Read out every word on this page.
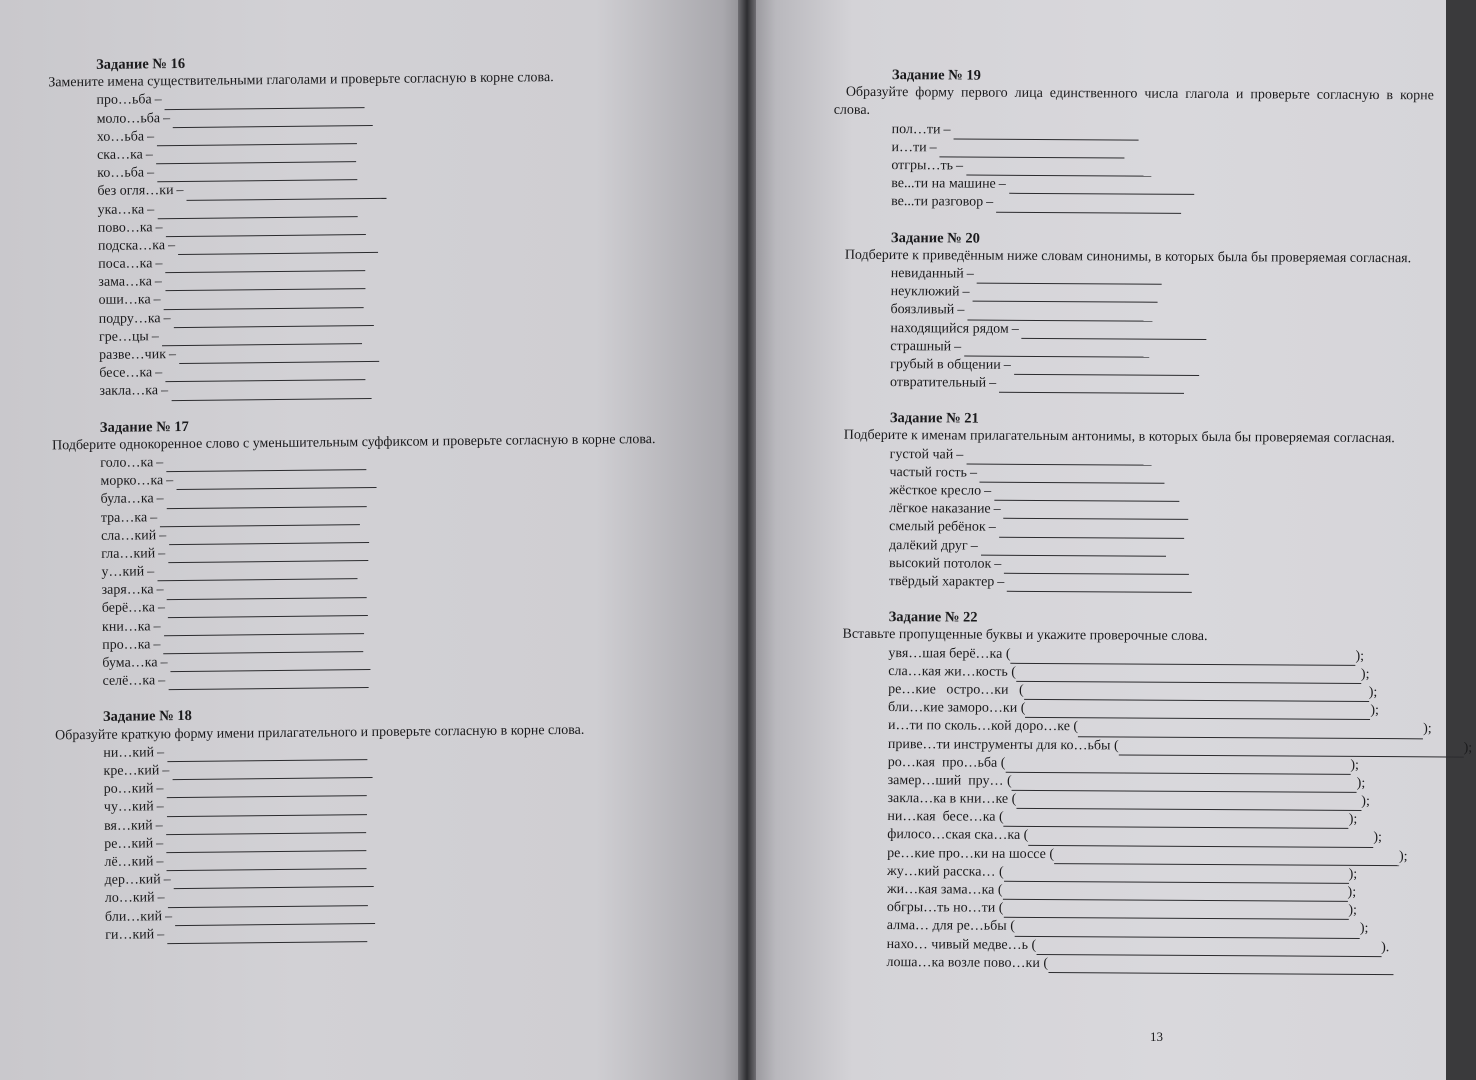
Задание № 16
Замените имена существительными глаголами и проверьте согласную в корне слова.
про…ьба –
моло…ьба –
хо…ьба –
ска…ка –
ко…ьба –
без огля…ки –
ука…ка –
пово…ка –
подска…ка –
поса…ка –
зама…ка –
оши…ка –
подру…ка –
гре…цы –
разве…чик –
бесе…ка –
закла…ка –
Задание № 17
Подберите однокоренное слово с уменьшительным суффиксом и проверьте согласную в корне слова.
голо…ка –
морко…ка –
була…ка –
тра…ка –
сла…кий –
гла…кий –
у…кий –
заря…ка –
берё…ка –
кни…ка –
про…ка –
бума…ка –
селё…ка –
Задание № 18
Образуйте краткую форму имени прилагательного и проверьте согласную в корне слова.
ни…кий –
кре…кий –
ро…кий –
чу…кий –
вя…кий –
ре…кий –
лё…кий –
дер…кий –
ло…кий –
бли…кий –
ги…кий –
Задание № 19
Образуйте форму первого лица единственного числа глагола и проверьте согласную в корне слова.
пол…ти –
и…ти –
отгры…ть –
ве...ти на машине –
ве...ти разговор –
Задание № 20
Подберите к приведённым ниже словам синонимы, в которых была бы проверяемая согласная.
невиданный –
неуклюжий –
боязливый –
находящийся рядом –
страшный –
грубый в общении –
отвратительный –
Задание № 21
Подберите к именам прилагательным антонимы, в которых была бы проверяемая согласная.
густой чай –
частый гость –
жёсткое кресло –
лёгкое наказание –
смелый ребёнок –
далёкий друг –
высокий потолок –
твёрдый характер –
Задание № 22
Вставьте пропущенные буквы и укажите проверочные слова.
увя…шая берё…ка (	);
сла…кая жи…кость (	);
ре…кие   остро…ки (	);
бли…кие заморо…ки (	);
и…ти по сколь…кой доро…ке (	);
приве…ти инструменты для ко…ьбы (	);
ро…кая  про…ьба (	);
замер…ший  пру… (	);
закла…ка в кни…ке (	);
ни…кая  бесе…ка (	);
филосо…ская ска…ка (	);
ре…кие про…ки на шоссе (	);
жу…кий расска… (	);
жи…кая зама…ка (	);
обгры…ть но…ти (	);
алма… для ре…ьбы (	);
нахо… чивый медве…ь (	).
лоша…ка возле пово…ки (
13
